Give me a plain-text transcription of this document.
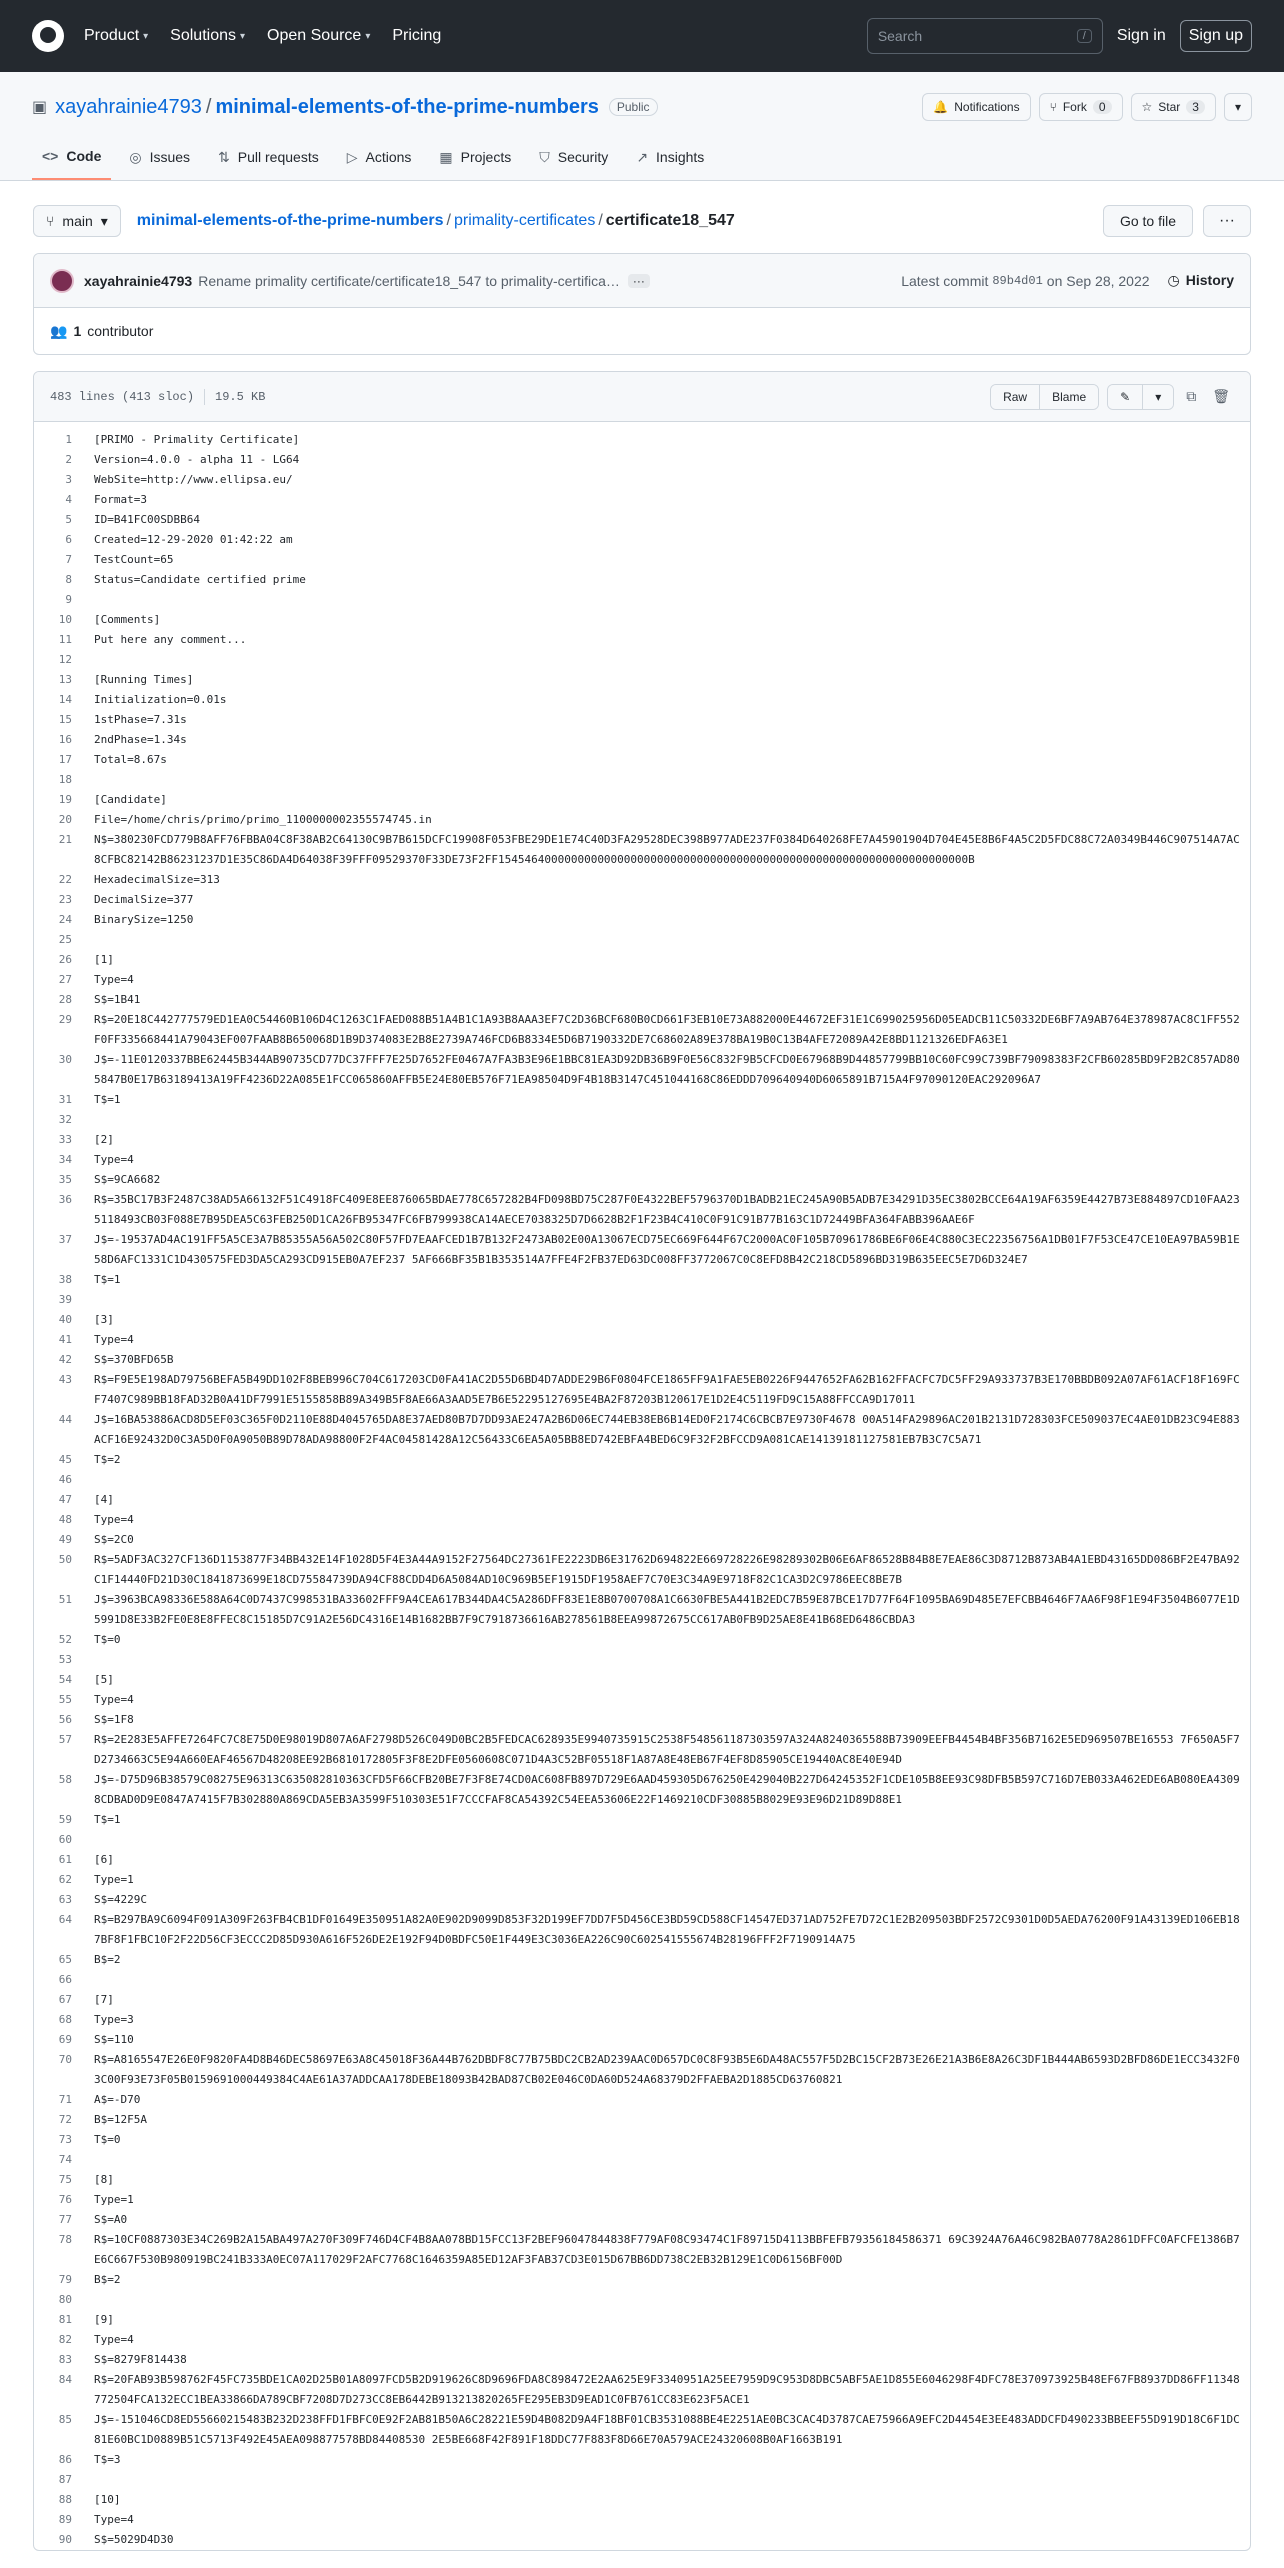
Product ▾ Solutions ▾ Open Source ▾ Pricing	Search	/	Sign in	Sign up
▣ xayahrainie4793 / minimal-elements-of-the-prime-numbers	Public	🔔 Notifications	⑂ Fork	0	☆ Star	3	▾
<> Code ◎ Issues ⇅ Pull requests ▷ Actions ▦ Projects ⛉ Security ↗ Insights
⑂ main ▾ minimal-elements-of-the-prime-numbers / primality-certificates / certificate18_547	Go to file	···
xayahrainie4793 Rename primality certificate/certificate18_547 to primality-certifica…	···	Latest commit 89b4d01 on Sep 28, 2022 ◷ History
👥 1 contributor
483 lines (413 sloc) 19.5 KB	Raw	Blame	✎	▾	⧉ 🗑
1	[PRIMO - Primality Certificate]
2	Version=4.0.0 - alpha 11 - LG64
3	WebSite=http://www.ellipsa.eu/
4	Format=3
5	ID=B41FC00SDBB64
6	Created=12-29-2020 01:42:22 am
7	TestCount=65
8	Status=Candidate certified prime
9
10	[Comments]
11	Put here any comment...
12
13	[Running Times]
14	Initialization=0.01s
15	1stPhase=7.31s
16	2ndPhase=1.34s
17	Total=8.67s
18
19	[Candidate]
20	File=/home/chris/primo/primo_1100000002355574745.in
21	N$=380230FCD779B8AFF76FBBA04C8F38AB2C64130C9B7B615DCFC19908F053FBE29DE1E74C40D3FA29528DEC398B977ADE237F0384D640268FE7A45901904D704E45E8B6F4A5C2D5FDC88C72A0349B446C907514A7AC8CFBC82142B86231237D1E35C86DA4D64038F39FFF09529370F33DE73F2FF15454640000000000000000000000000000000000000000000000000000000000000000B
22	HexadecimalSize=313
23	DecimalSize=377
24	BinarySize=1250
25
26	[1]
27	Type=4
28	S$=1B41
29	R$=20E18C442777579ED1EA0C54460B106D4C1263C1FAED088B51A4B1C1A93B8AAA3EF7C2D36BCF680B0CD661F3EB10E73A882000E44672EF31E1C699025956D05EADCB11C50332DE6BF7A9AB764E378987AC8C1FF552F0FF335668441A79043EF007FAAB8B650068D1B9D374083E2B8E2739A746FCD6B8334E5D6B7190332DE7C68602A89E378BA19B0C13B4AFE72089A42E8BD1121326EDFA63E1
30	J$=-11E0120337BBE62445B344AB90735CD77DC37FFF7E25D7652FE0467A7FA3B3E96E1BBC81EA3D92DB36B9F0E56C832F9B5CFCD0E67968B9D44857799BB10C60FC99C739BF79098383F2CFB60285BD9F2B2C857AD805847B0E17B63189413A19FF4236D22A085E1FCC065860AFFB5E24E80EB576F71EA98504D9F4B18B3147C451044168C86EDDD709640940D6065891B715A4F97090120EAC292096A7
31	T$=1
32
33	[2]
34	Type=4
35	S$=9CA6682
36	R$=35BC17B3F2487C38AD5A66132F51C4918FC409E8EE876065BDAE778C657282B4FD098BD75C287F0E4322BEF5796370D1BADB21EC245A90B5ADB7E34291D35EC3802BCCE64A19AF6359E4427B73E884897CD10FAA235118493CB03F088E7B95DEA5C63FEB250D1CA26FB95347FC6FB799938CA14AECE7038325D7D6628B2F1F23B4C410C0F91C91B77B163C1D72449BFA364FABB396AAE6F
37	J$=-19537AD4AC191FF5A5CE3A7B85355A56A502C80F57FD7EAAFCED1B7B132F2473AB02E00A13067ECD75EC669F644F67C2000AC0F105B70961786BE6F06E4C880C3EC22356756A1DB01F7F53CE47CE10EA97BA59B1E58D6AFC1331C1D430575FED3DA5CA293CD915EB0A7EF237 5AF666BF35B1B353514A7FFE4F2FB37ED63DC008FF3772067C0C8EFD8B42C218CD5896BD319B635EEC5E7D6D324E7
38	T$=1
39
40	[3]
41	Type=4
42	S$=370BFD65B
43	R$=F9E5E198AD79756BEFA5B49DD102F8BEB996C704C617203CD0FA41AC2D55D6BD4D7ADDE29B6F0804FCE1865FF9A1FAE5EB0226F9447652FA62B162FFACFC7DC5FF29A933737B3E170BBDB092A07AF61ACF18F169FCF7407C989BB18FAD32B0A41DF7991E5155858B89A349B5F8AE66A3AAD5E7B6E52295127695E4BA2F87203B120617E1D2E4C5119FD9C15A88FFCCA9D17011
44	J$=16BA53886ACD8D5EF03C365F0D2110E88D4045765DA8E37AED80B7D7DD93AE247A2B6D06EC744EB38EB6B14ED0F2174C6CBCB7E9730F4678 00A514FA29896AC201B2131D728303FCE509037EC4AE01DB23C94E883ACF16E92432D0C3A5D0F0A9050B89D78ADA98800F2F4AC04581428A12C56433C6EA5A05BB8ED742EBFA4BED6C9F32F2BFCCD9A081CAE14139181127581EB7B3C7C5A71
45	T$=2
46
47	[4]
48	Type=4
49	S$=2C0
50	R$=5ADF3AC327CF136D1153877F34BB432E14F1028D5F4E3A44A9152F27564DC27361FE2223DB6E31762D694822E669728226E98289302B06E6AF86528B84B8E7EAE86C3D8712B873AB4A1EBD43165DD086BF2E47BA92C1F14440FD21D30C1841873699E18CD75584739DA94CF88CDD4D6A5084AD10C969B5EF1915DF1958AEF7C70E3C34A9E9718F82C1CA3D2C9786EEC8BE7B
51	J$=3963BCA98336E588A64C0D7437C998531BA33602FFF9A4CEA617B344DA4C5A286DFF83E1E8B0700708A1C6630FBE5A441B2EDC7B59E87BCE17D77F64F1095BA69D485E7EFCBB4646F7AA6F98F1E94F3504B6077E1D5991D8E33B2FE0E8E8FFEC8C15185D7C91A2E56DC4316E14B1682BB7F9C7918736616AB278561B8EEA99872675CC617AB0FB9D25AE8E41B68ED6486CBDA3
52	T$=0
53
54	[5]
55	Type=4
56	S$=1F8
57	R$=2E283E5AFFE7264FC7C8E75D0E98019D807A6AF2798D526C049D0BC2B5FEDCAC628935E9940735915C2538F548561187303597A324A8240365588B73909EEFB4454B4BF356B7162E5ED969507BE16553 7F650A5F7D2734663C5E94A660EAF46567D48208EE92B6810172805F3F8E2DFE0560608C071D4A3C52BF05518F1A87A8E48EB67F4EF8D85905CE19440AC8E40E94D
58	J$=-D75D96B38579C08275E96313C635082810363CFD5F66CFB20BE7F3F8E74CD0AC608FB897D729E6AAD459305D676250E429040B227D64245352F1CDE105B8EE93C98DFB5B597C716D7EB033A462EDE6AB080EA43098CDBAD0D9E0847A7415F7B302880A869CDA5EB3A3599F510303E51F7CCCFAF8CA54392C54EEA53606E22F1469210CDF30885B8029E93E96D21D89D88E1
59	T$=1
60
61	[6]
62	Type=1
63	S$=4229C
64	R$=B297BA9C6094F091A309F263FB4CB1DF01649E350951A82A0E902D9099D853F32D199EF7DD7F5D456CE3BD59CD588CF14547ED371AD752FE7D72C1E2B209503BDF2572C9301D0D5AEDA76200F91A43139ED106EB187BF8F1FBC10F2F22D56CF3ECCC2D85D930A616F526DE2E192F94D0BDFC50E1F449E3C3036EA226C90C602541555674B28196FFF2F7190914A75
65	B$=2
66
67	[7]
68	Type=3
69	S$=110
70	R$=A8165547E26E0F9820FA4D8B46DEC58697E63A8C45018F36A44B762DBDF8C77B75BDC2CB2AD239AAC0D657DC0C8F93B5E6DA48AC557F5D2BC15CF2B73E26E21A3B6E8A26C3DF1B444AB6593D2BFD86DE1ECC3432F03C00F93E73F05B0159691000449384C4AE61A37ADDCAA178DEBE18093B42BAD87CB02E046C0DA60D524A68379D2FFAEBA2D1885CD63760821
71	A$=-D70
72	B$=12F5A
73	T$=0
74
75	[8]
76	Type=1
77	S$=A0
78	R$=10CF0887303E34C269B2A15ABA497A270F309F746D4CF4B8AA078BD15FCC13F2BEF96047844838F779AF08C93474C1F89715D4113BBFEFB79356184586371 69C3924A76A46C982BA0778A2861DFFC0AFCFE1386B7E6C667F530B980919BC241B333A0EC07A117029F2AFC7768C1646359A85ED12AF3FAB37CD3E015D67BB6DD738C2EB32B129E1C0D6156BF00D
79	B$=2
80
81	[9]
82	Type=4
83	S$=8279F814438
84	R$=20FAB93B598762F45FC735BDE1CA02D25B01A8097FCD5B2D919626C8D9696FDA8C898472E2AA625E9F3340951A25EE7959D9C953D8DBC5ABF5AE1D855E6046298F4DFC78E370973925B48EF67FB8937DD86FF11348772504FCA132ECC1BEA33866DA789CBF7208D7D273CC8EB6442B913213820265FE295EB3D9EAD1C0FB761CC83E623F5ACE1
85	J$=-151046CD8ED55660215483B232D238FFD1FBFC0E92F2AB81B50A6C28221E59D4B082D9A4F18BF01CB3531088BE4E2251AE0BC3CAC4D3787CAE75966A9EFC2D4454E3EE483ADDCFD490233BBEEF55D919D18C6F1DC81E60BC1D0889B51C5713F492E45AEA098877578BD84408530 2E5BE668F42F891F18DDC77F883F8D66E70A579ACE24320608B0AF1663B191
86	T$=3
87
88	[10]
89	Type=4
90	S$=5029D4D30
